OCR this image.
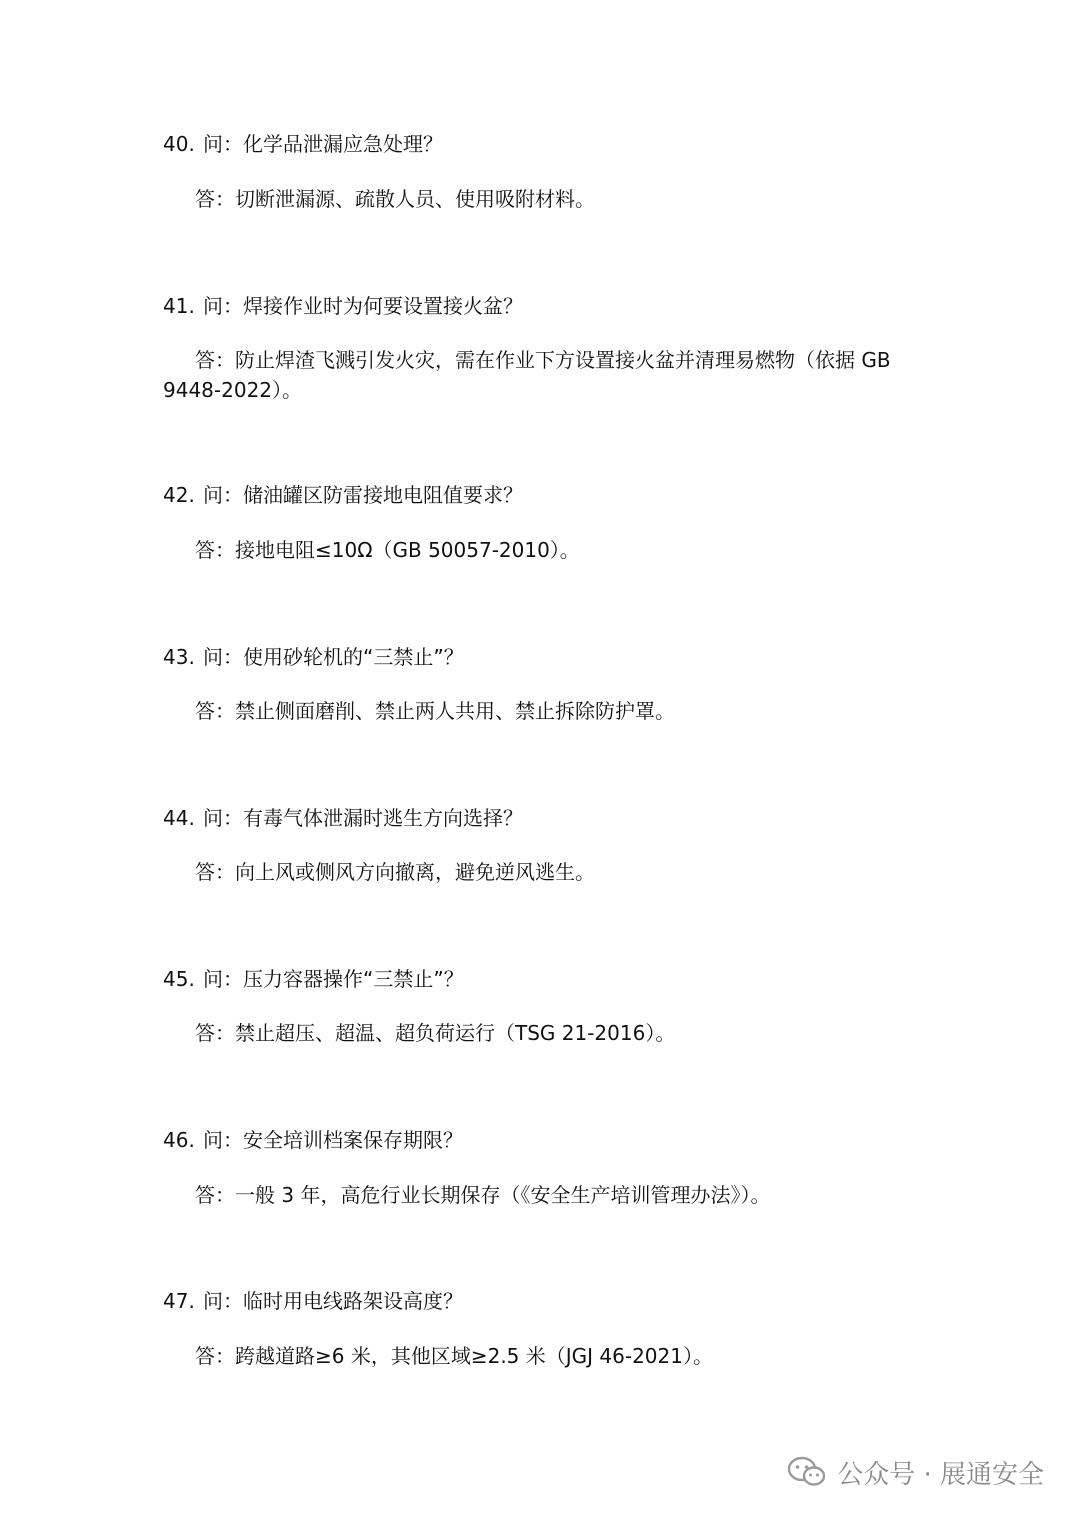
40. 问：化学品泄漏应急处理？
答：切断泄漏源、疏散人员、使用吸附材料。
41. 问：焊接作业时为何要设置接火盆？
答：防止焊渣飞溅引发火灾，需在作业下方设置接火盆并清理易燃物（依据 GB 9448-2022）。
42. 问：储油罐区防雷接地电阻值要求？
答：接地电阻≤10Ω（GB 50057-2010）。
43. 问：使用砂轮机的“三禁止”？
答：禁止侧面磨削、禁止两人共用、禁止拆除防护罩。
44. 问：有毒气体泄漏时逃生方向选择？
答：向上风或侧风方向撤离，避免逆风逃生。
45. 问：压力容器操作“三禁止”？
答：禁止超压、超温、超负荷运行（TSG 21-2016）。
46. 问：安全培训档案保存期限？
答：一般 3 年，高危行业长期保存（《安全生产培训管理办法》）。
47. 问：临时用电线路架设高度？
答：跨越道路≥6 米，其他区域≥2.5 米（JGJ 46-2021）。
公众号 · 展通安全
